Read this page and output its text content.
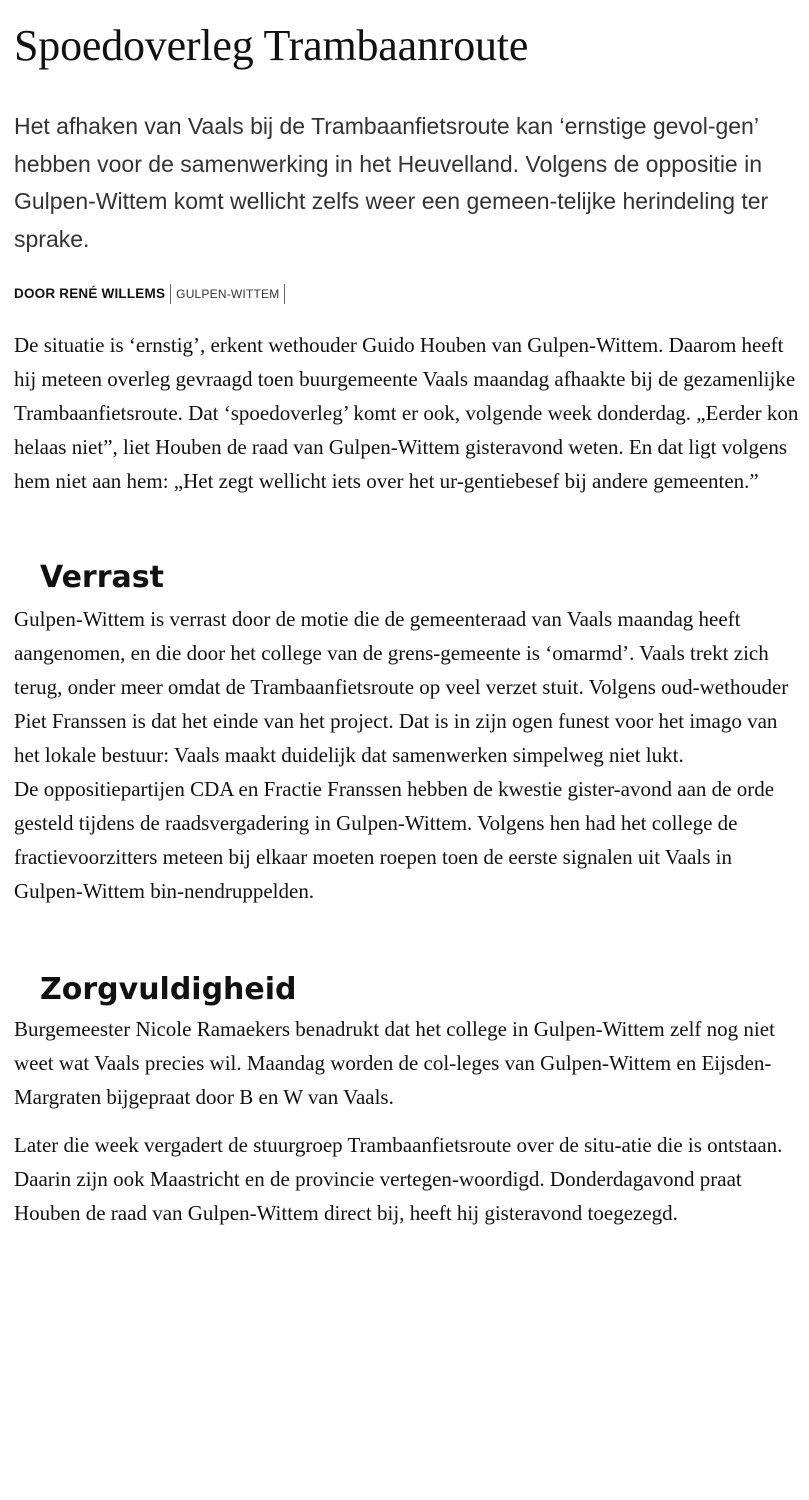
Spoedoverleg Trambaanroute

Het afhaken van Vaals bij de Trambaanfietsroute kan ‘ernstige gevol-gen’ hebben voor de samenwerking in het Heuvelland. Volgens de oppositie in Gulpen-Wittem komt wellicht zelfs weer een gemeen-telijke herindeling ter sprake.

DOOR RENÉ WILLEMS GULPEN-WITTEM

De situatie is ‘ernstig’, erkent wethouder Guido Houben van Gulpen-Wittem. Daarom heeft hij meteen overleg gevraagd toen buurgemeente Vaals maandag afhaakte bij de gezamenlijke Trambaanfietsroute. Dat ‘spoedoverleg’ komt er ook, volgende week donderdag. „Eerder kon helaas niet”, liet Houben de raad van Gulpen-Wittem gisteravond weten. En dat ligt volgens hem niet aan hem: „Het zegt wellicht iets over het ur-gentiebesef bij andere gemeenten.”

Verrast

Gulpen-Wittem is verrast door de motie die de gemeenteraad van Vaals maandag heeft aangenomen, en die door het college van de grens-gemeente is ‘omarmd’. Vaals trekt zich terug, onder meer omdat de Trambaanfietsroute op veel verzet stuit. Volgens oud-wethouder Piet Franssen is dat het einde van het project. Dat is in zijn ogen funest voor het imago van het lokale bestuur: Vaals maakt duidelijk dat samenwerken simpelweg niet lukt.

De oppositiepartijen CDA en Fractie Franssen hebben de kwestie gister-avond aan de orde gesteld tijdens de raadsvergadering in Gulpen-Wittem. Volgens hen had het college de fractievoorzitters meteen bij elkaar moeten roepen toen de eerste signalen uit Vaals in Gulpen-Wittem bin-nendruppelden.

Zorgvuldigheid

Burgemeester Nicole Ramaekers benadrukt dat het college in Gulpen-Wittem zelf nog niet weet wat Vaals precies wil. Maandag worden de col-leges van Gulpen-Wittem en Eijsden-Margraten bijgepraat door B en W van Vaals.

Later die week vergadert de stuurgroep Trambaanfietsroute over de situ-atie die is ontstaan. Daarin zijn ook Maastricht en de provincie vertegen-woordigd. Donderdagavond praat Houben de raad van Gulpen-Wittem direct bij, heeft hij gisteravond toegezegd.
